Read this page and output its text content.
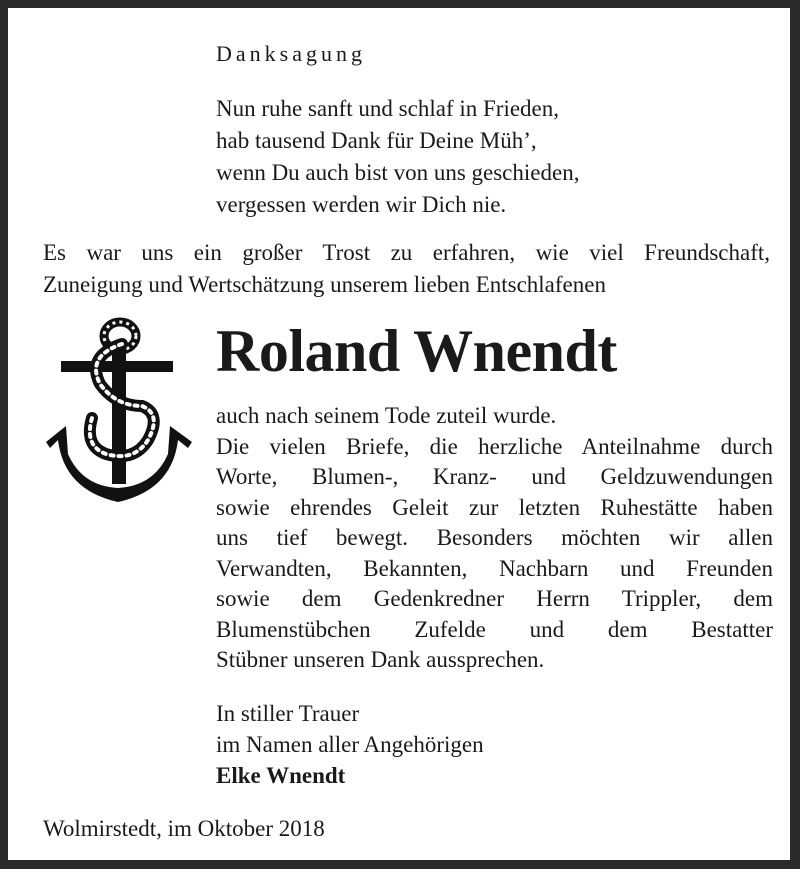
Danksagung
Nun ruhe sanft und schlaf in Frieden,
hab tausend Dank für Deine Müh’,
wenn Du auch bist von uns geschieden,
vergessen werden wir Dich nie.
Es war uns ein großer Trost zu erfahren, wie viel Freundschaft,
Zuneigung und Wertschätzung unserem lieben Entschlafenen
Roland Wnendt
auch nach seinem Tode zuteil wurde.
Die vielen Briefe, die herzliche Anteilnahme durch
Worte, Blumen-, Kranz- und Geldzuwendungen
sowie ehrendes Geleit zur letzten Ruhestätte haben
uns tief bewegt. Besonders möchten wir allen
Verwandten, Bekannten, Nachbarn und Freunden
sowie dem Gedenkredner Herrn Trippler, dem
Blumenstübchen Zufelde und dem Bestatter
Stübner unseren Dank aussprechen.
In stiller Trauer
im Namen aller Angehörigen
Elke Wnendt
Wolmirstedt, im Oktober 2018
